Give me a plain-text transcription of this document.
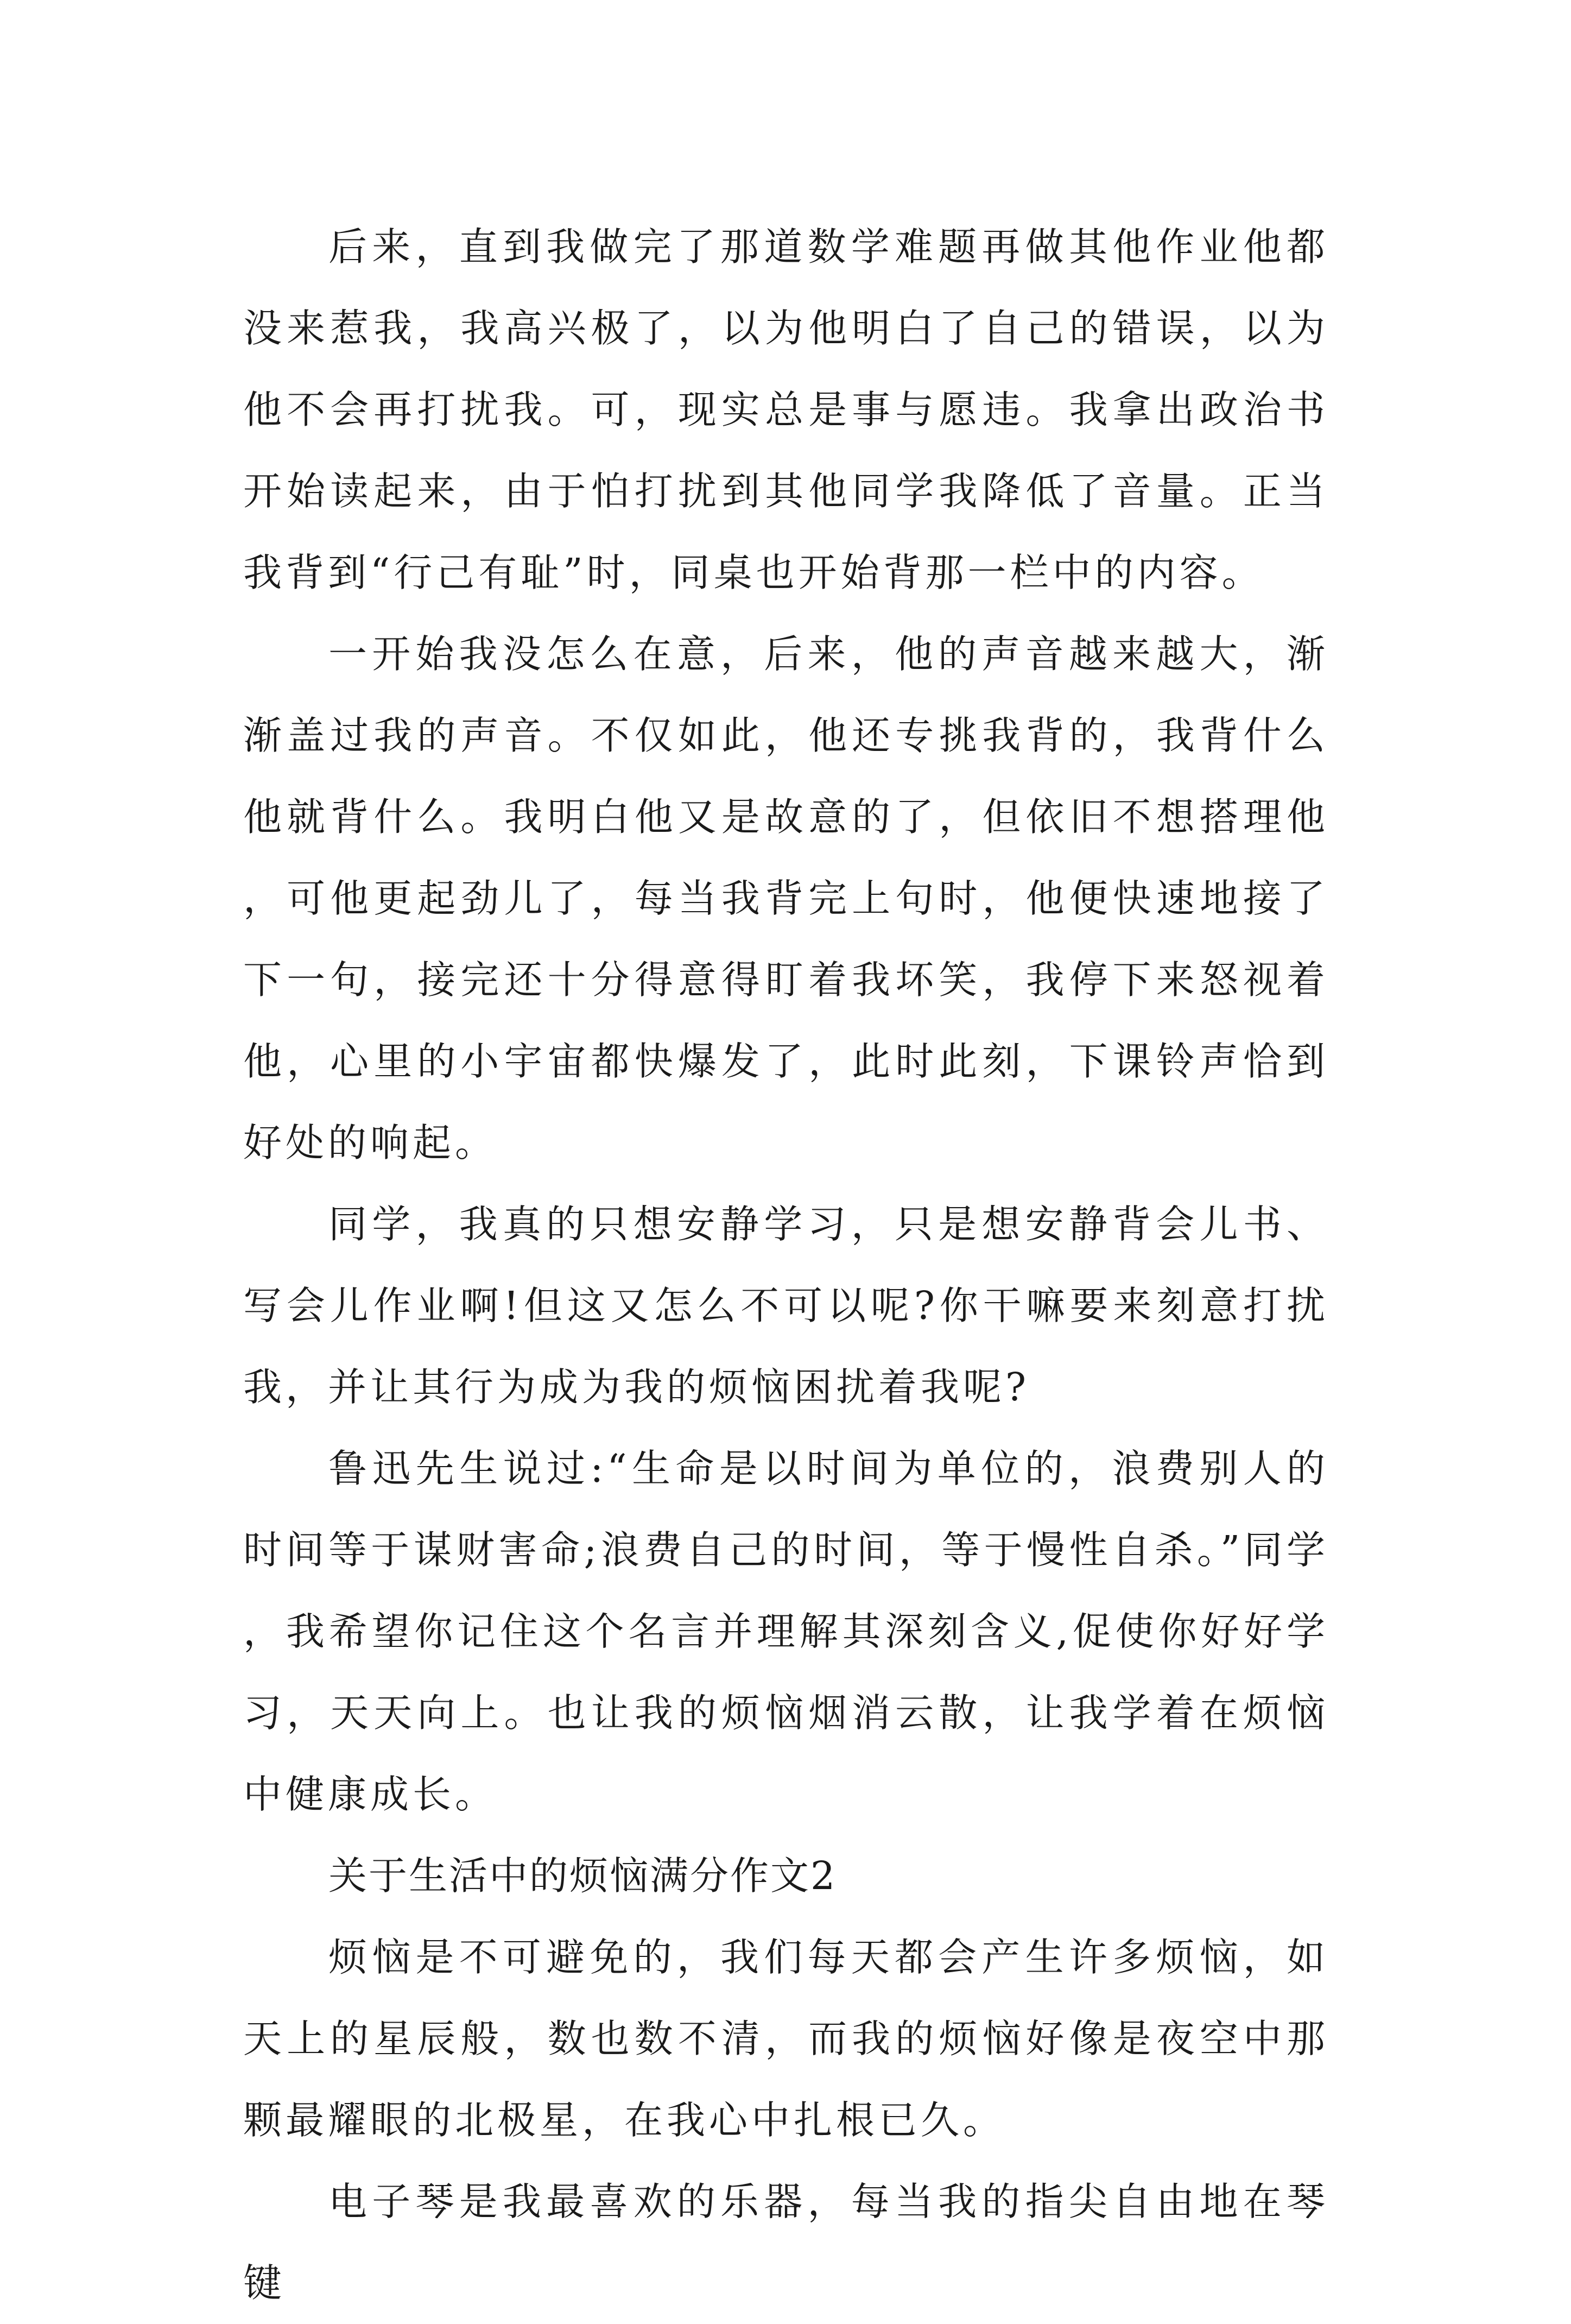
后来，直到我做完了那道数学难题再做其他作业他都没来惹我，我高兴极了，以为他明白了自己的错误，以为他不会再打扰我。可，现实总是事与愿违。我拿出政治书开始读起来，由于怕打扰到其他同学我降低了音量。正当我背到“行己有耻”时，同桌也开始背那一栏中的内容。

一开始我没怎么在意，后来，他的声音越来越大，渐渐盖过我的声音。不仅如此，他还专挑我背的，我背什么他就背什么。我明白他又是故意的了，但依旧不想搭理他，可他更起劲儿了，每当我背完上句时，他便快速地接了下一句，接完还十分得意得盯着我坏笑，我停下来怒视着他，心里的小宇宙都快爆发了，此时此刻，下课铃声恰到好处的响起。

同学，我真的只想安静学习，只是想安静背会儿书、写会儿作业啊!但这又怎么不可以呢?你干嘛要来刻意打扰我，并让其行为成为我的烦恼困扰着我呢?

鲁迅先生说过:“生命是以时间为单位的，浪费别人的时间等于谋财害命;浪费自己的时间，等于慢性自杀。”同学，我希望你记住这个名言并理解其深刻含义,促使你好好学习，天天向上。也让我的烦恼烟消云散，让我学着在烦恼中健康成长。

关于生活中的烦恼满分作文2

烦恼是不可避免的，我们每天都会产生许多烦恼，如天上的星辰般，数也数不清，而我的烦恼好像是夜空中那颗最耀眼的北极星，在我心中扎根已久。

电子琴是我最喜欢的乐器，每当我的指尖自由地在琴键
